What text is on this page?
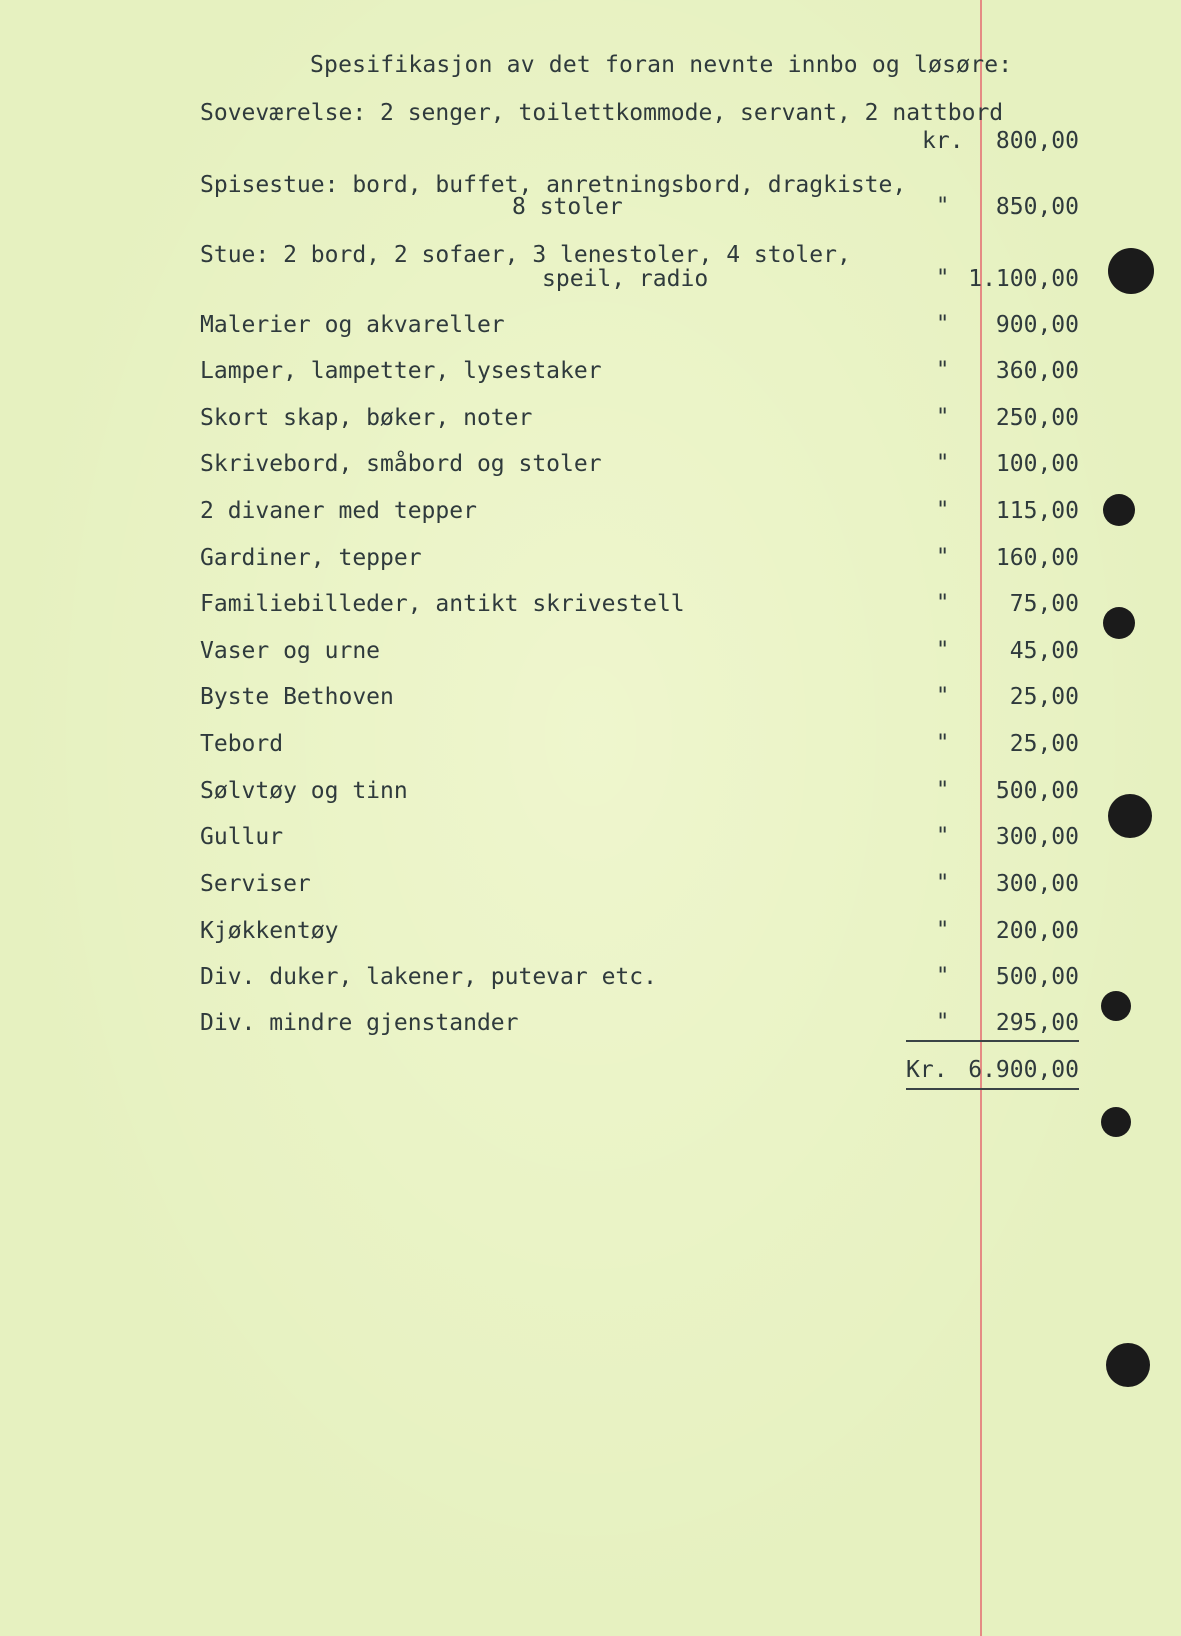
Spesifikasjon av det foran nevnte innbo og løsøre:
Soveværelse: 2 senger, toilettkommode, servant, 2 nattbord
kr. 800,00
Spisestue: bord, buffet, anretningsbord, dragkiste,
8 stoler	" 850,00
Stue: 2 bord, 2 sofaer, 3 lenestoler, 4 stoler,
speil, radio	" 1.100,00
Malerier og akvareller	" 900,00
Lamper, lampetter, lysestaker	" 360,00
Skort skap, bøker, noter	" 250,00
Skrivebord, småbord og stoler	" 100,00
2 divaner med tepper	" 115,00
Gardiner, tepper	" 160,00
Familiebilleder, antikt skrivestell	"	75,00
Vaser og urne	"	45,00
Byste Bethoven	"	25,00
Tebord	"	25,00
Sølvtøy og tinn	" 500,00
Gullur	" 300,00
Serviser	" 300,00
Kjøkkentøy	" 200,00
Div. duker, lakener, putevar etc.	" 500,00
Div. mindre gjenstander	" 295,00
Kr. 6.900,00
